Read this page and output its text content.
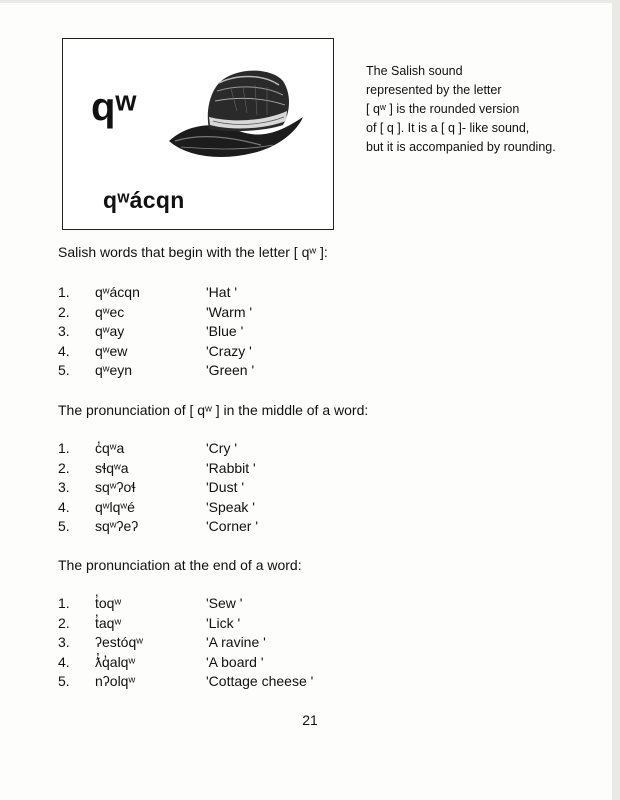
qʷ
qʷácqn

The Salish sound

represented by the letter

[ qʷ ] is the rounded version

of [ q ]. It is a [ q ]- like sound,

but it is accompanied by rounding.

Salish words that begin with the letter [ qʷ ]:
1. qʷácqn	'Hat '
2. qʷec	'Warm '
3. qʷay	'Blue '
4. qʷew	'Crazy '
5. qʷeyn	'Green '
The pronunciation of [ qʷ ] in the middle of a word:
1. c̓qʷa	'Cry '
2. sɬqʷa	'Rabbit '
3. sqʷʔoɬ	'Dust '
4. qʷlqʷé	'Speak '
5. sqʷʔeʔ	'Corner '
The pronunciation at the end of a word:
1. t̓oqʷ	'Sew '
2. t̓aqʷ	'Lick '
3. ʔestóqʷ	'A ravine '
4. ƛ̓q̓alqʷ	'A board '
5. nʔolqʷ	'Cottage cheese '
21
